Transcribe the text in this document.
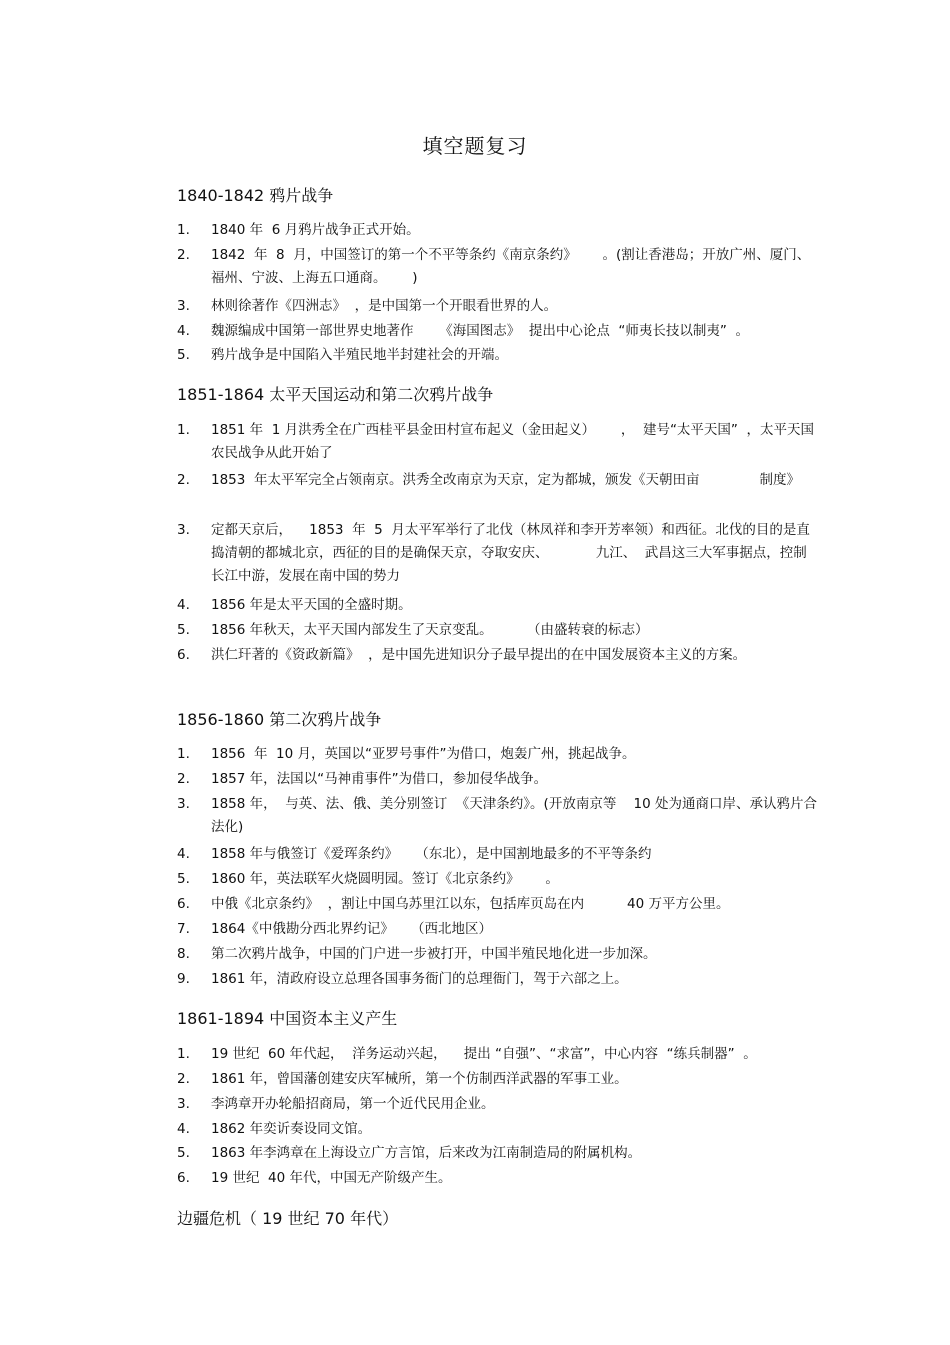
填空题复习
1840-1842 鸦片战争
1. 1840 年  6 月鸦片战争正式开始。
2. 1842  年  8  月，中国签订的第一个不平等条约《南京条约》      。(割让香港岛；开放广州、厦门、福州、宁波、上海五口通商。      )
3. 林则徐著作《四洲志》  ，是中国第一个开眼看世界的人。
4. 魏源编成中国第一部世界史地著作      《海国图志》  提出中心论点  “师夷长技以制夷”  。
5. 鸦片战争是中国陷入半殖民地半封建社会的开端。
1851-1864 太平天国运动和第二次鸦片战争
1. 1851 年  1 月洪秀全在广西桂平县金田村宣布起义（金田起义）      ，  建号“太平天国”  ，太平天国农民战争从此开始了
2. 1853  年太平军完全占领南京。洪秀全改南京为天京，定为都城，颁发《天朝田亩              制度》
3. 定都天京后，    1853  年  5  月太平军举行了北伐（林凤祥和李开芳率领）和西征。北伐的目的是直捣清朝的都城北京，西征的目的是确保天京，夺取安庆、           九江、  武昌这三大军事据点，控制长江中游，发展在南中国的势力
4. 1856 年是太平天国的全盛时期。
5. 1856 年秋天，太平天国内部发生了天京变乱。        （由盛转衰的标志）
6. 洪仁玕著的《资政新篇》  ，是中国先进知识分子最早提出的在中国发展资本主义的方案。
1856-1860 第二次鸦片战争
1. 1856  年  10 月，英国以“亚罗号事件”为借口，炮轰广州，挑起战争。
2. 1857 年，法国以“马神甫事件”为借口，参加侵华战争。
3. 1858 年，  与英、法、俄、美分别签订  《天津条约》。(开放南京等    10 处为通商口岸、承认鸦片合法化)
4. 1858 年与俄签订《爱珲条约》    （东北），是中国割地最多的不平等条约
5. 1860 年，英法联军火烧圆明园。签订《北京条约》      。
6. 中俄《北京条约》  ，割让中国乌苏里江以东，包括库页岛在内          40 万平方公里。
7. 1864《中俄勘分西北界约记》    （西北地区）
8. 第二次鸦片战争，中国的门户进一步被打开，中国半殖民地化进一步加深。
9. 1861 年，清政府设立总理各国事务衙门的总理衙门，驾于六部之上。
1861-1894 中国资本主义产生
1. 19 世纪  60 年代起，  洋务运动兴起，    提出 “自强”、“求富”，中心内容  “练兵制器”  。
2. 1861 年，曾国藩创建安庆军械所，第一个仿制西洋武器的军事工业。
3. 李鸿章开办轮船招商局，第一个近代民用企业。
4. 1862 年奕䜣奏设同文馆。
5. 1863 年李鸿章在上海设立广方言馆，后来改为江南制造局的附属机构。
6. 19 世纪  40 年代，中国无产阶级产生。
边疆危机（ 19 世纪 70 年代）
